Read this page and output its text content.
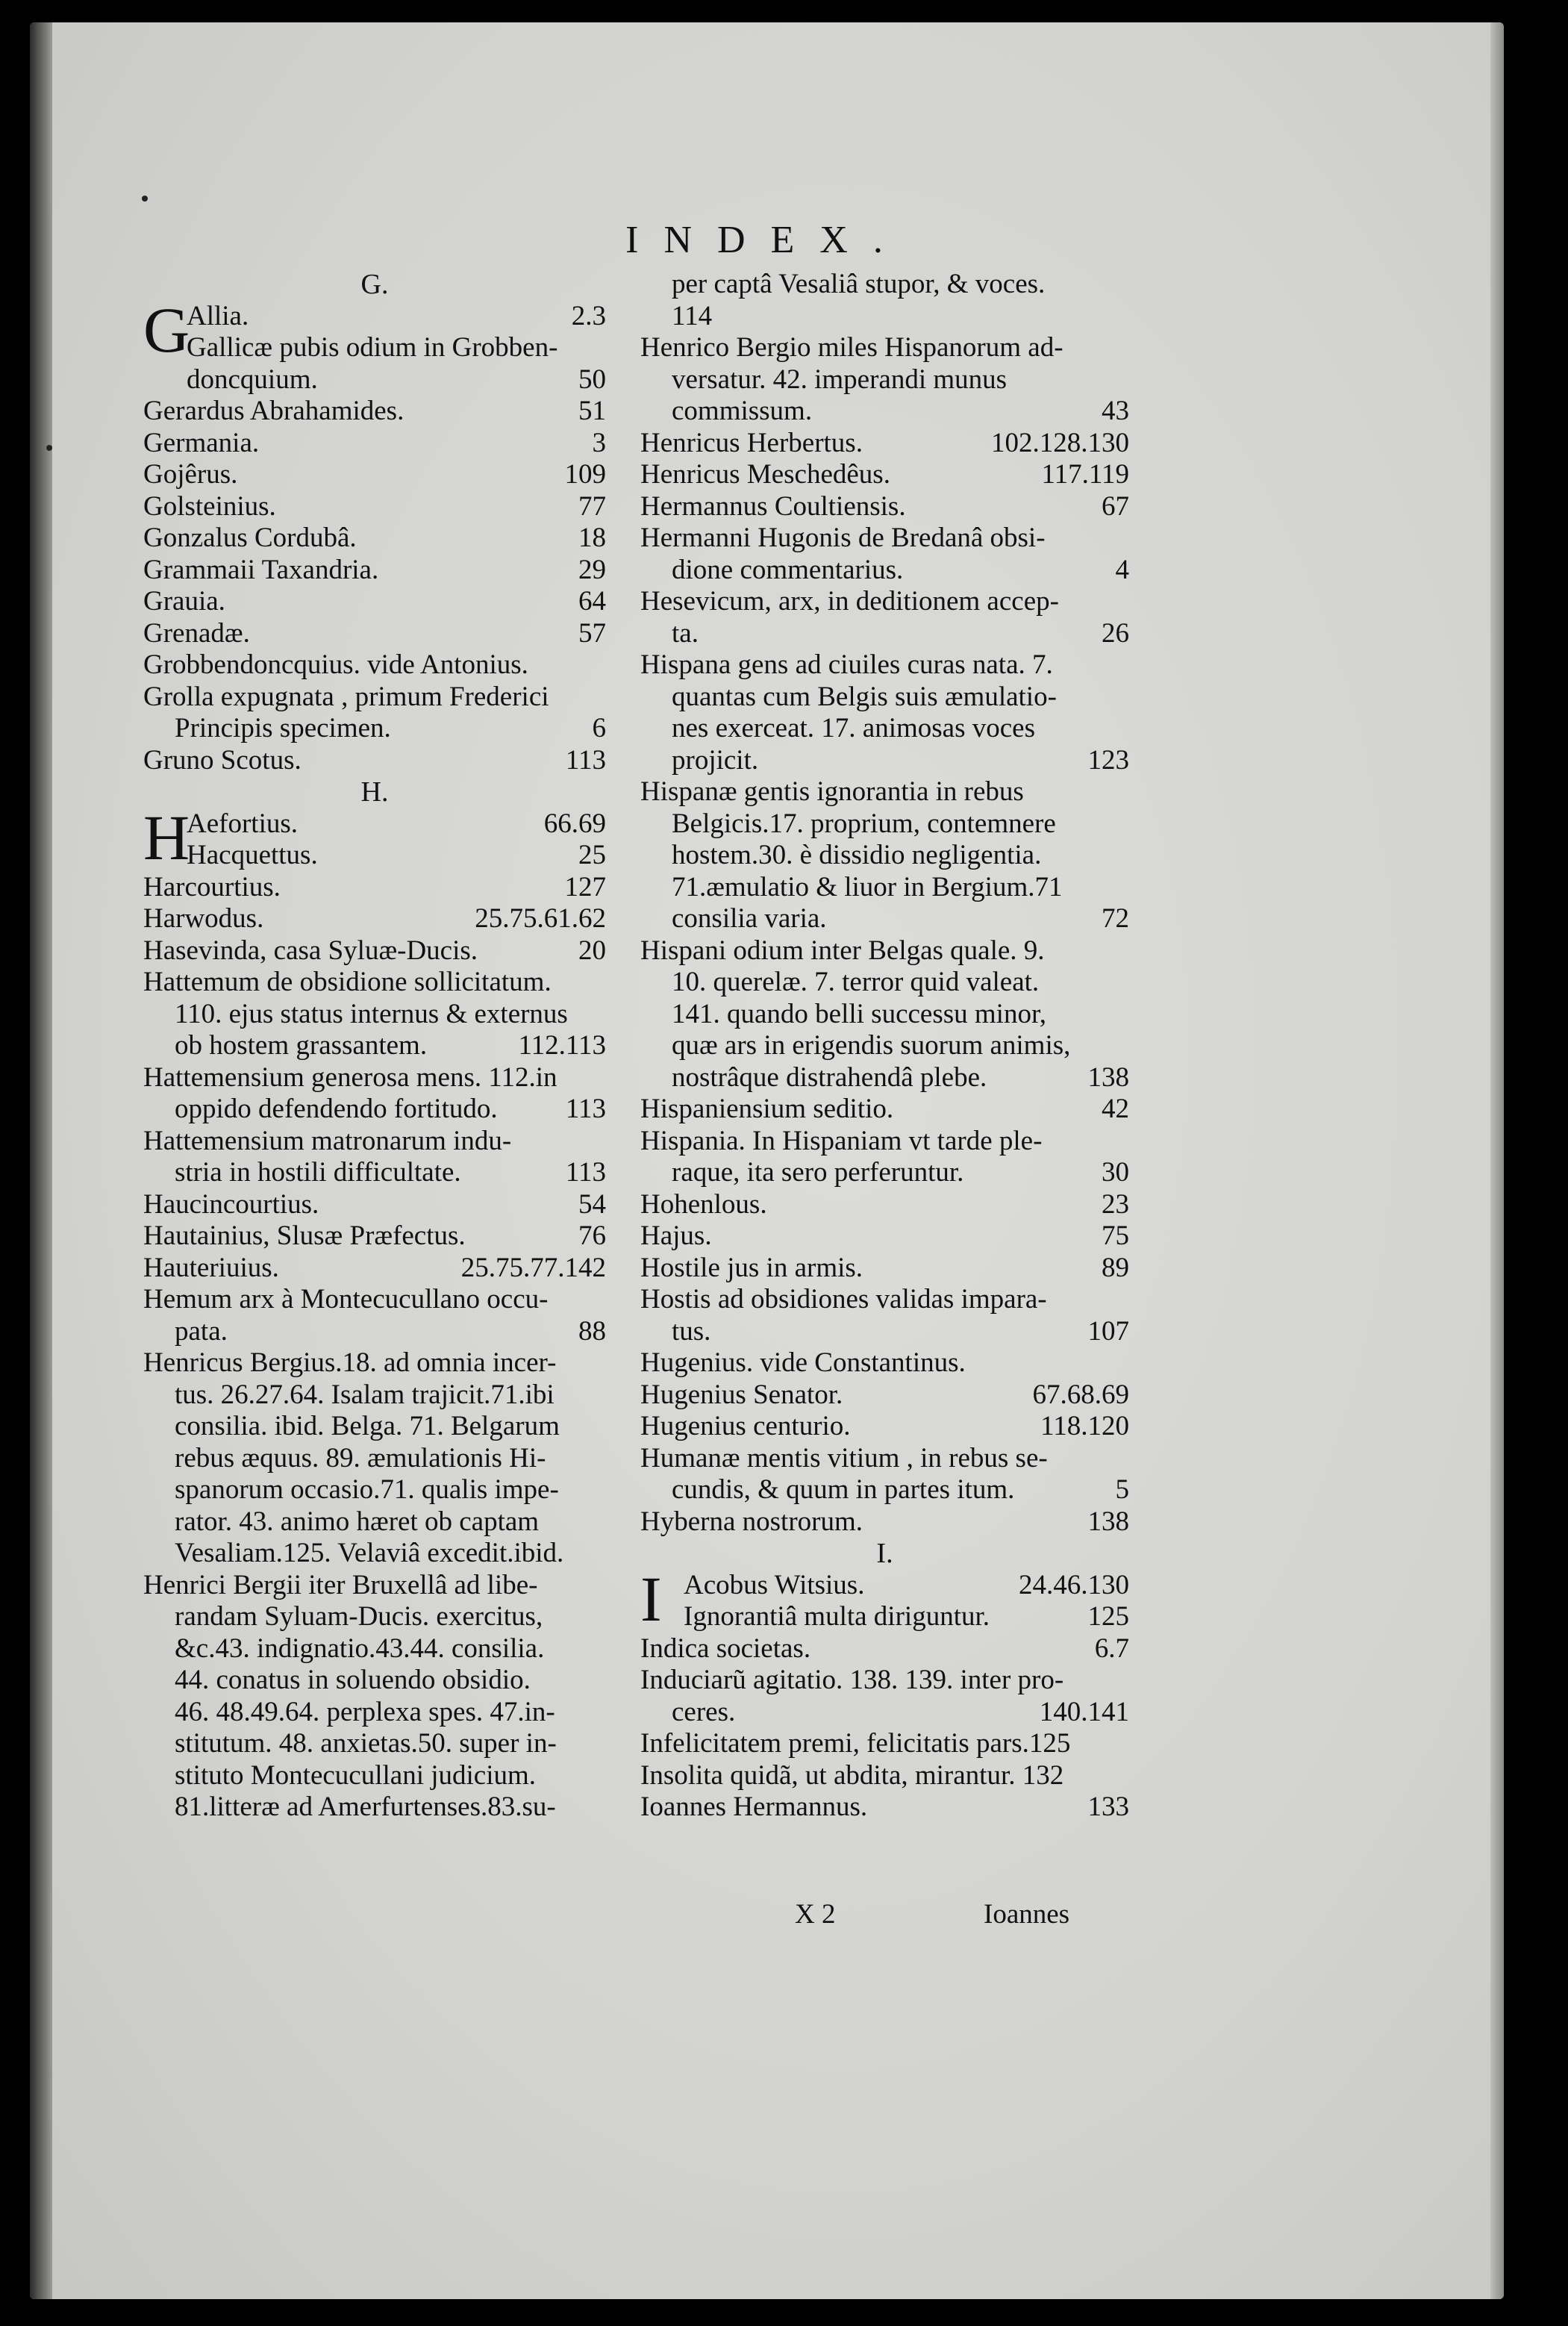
INDEX.
G.
G
Allia.	2.3
Gallicæ pubis odium in Grobben-
doncquium.	50
Gerardus Abrahamides.	51
Germania.	3
Gojêrus.	109
Golsteinius.	77
Gonzalus Cordubâ.	18
Grammaii Taxandria.	29
Grauia.	64
Grenadæ.	57
Grobbendoncquius. vide Antonius.
Grolla expugnata , primum Frederici
Principis specimen.	6
Gruno Scotus.	113
H.
H
Aefortius.	66.69
Hacquettus.	25
Harcourtius.	127
Harwodus.	25.75.61.62
Hasevinda, casa Syluæ-Ducis.	20
Hattemum de obsidione sollicitatum.
110. ejus status internus & externus
ob hostem grassantem.	112.113
Hattemensium generosa mens. 112.in
oppido defendendo fortitudo.	113
Hattemensium matronarum indu-
stria in hostili difficultate.	113
Haucincourtius.	54
Hautainius, Slusæ Præfectus.	76
Hauteriuius.	25.75.77.142
Hemum arx à Montecucullano occu-
pata.	88
Henricus Bergius.18. ad omnia incer-
tus. 26.27.64. Isalam trajicit.71.ibi
consilia. ibid. Belga. 71. Belgarum
rebus æquus. 89. æmulationis Hi-
spanorum occasio.71. qualis impe-
rator. 43. animo hæret ob captam
Vesaliam.125. Velaviâ excedit.ibid.
Henrici Bergii iter Bruxellâ ad libe-
randam Syluam-Ducis. exercitus,
&c.43. indignatio.43.44. consilia.
44. conatus in soluendo obsidio.
46. 48.49.64. perplexa spes. 47.in-
stitutum. 48. anxietas.50. super in-
stituto Montecucullani judicium.
81.litteræ ad Amerfurtenses.83.su-
per captâ Vesaliâ stupor, & voces.
114
Henrico Bergio miles Hispanorum ad-
versatur. 42. imperandi munus
commissum.	43
Henricus Herbertus.	102.128.130
Henricus Meschedêus.	117.119
Hermannus Coultiensis.	67
Hermanni Hugonis de Bredanâ obsi-
dione commentarius.	4
Hesevicum, arx, in deditionem accep-
ta.	26
Hispana gens ad ciuiles curas nata. 7.
quantas cum Belgis suis æmulatio-
nes exerceat. 17. animosas voces
projicit.	123
Hispanæ gentis ignorantia in rebus
Belgicis.17. proprium, contemnere
hostem.30. è dissidio negligentia.
71.æmulatio & liuor in Bergium.71
consilia varia.	72
Hispani odium inter Belgas quale. 9.
10. querelæ. 7. terror quid valeat.
141. quando belli successu minor,
quæ ars in erigendis suorum animis,
nostrâque distrahendâ plebe.	138
Hispaniensium seditio.	42
Hispania. In Hispaniam vt tarde ple-
raque, ita sero perferuntur.	30
Hohenlous.	23
Hajus.	75
Hostile jus in armis.	89
Hostis ad obsidiones validas impara-
tus.	107
Hugenius. vide Constantinus.
Hugenius Senator.	67.68.69
Hugenius centurio.	118.120
Humanæ mentis vitium , in rebus se-
cundis, & quum in partes itum.	5
Hyberna nostrorum.	138
I.
I Acobus Witsius.	24.46.130
Ignorantiâ multa diriguntur.	125
Indica societas.	6.7
Induciarũ agitatio. 138. 139. inter pro-
ceres.	140.141
Infelicitatem premi, felicitatis pars.125
Insolita quidã, ut abdita, mirantur. 132
Ioannes Hermannus.	133
X 2	Ioannes
